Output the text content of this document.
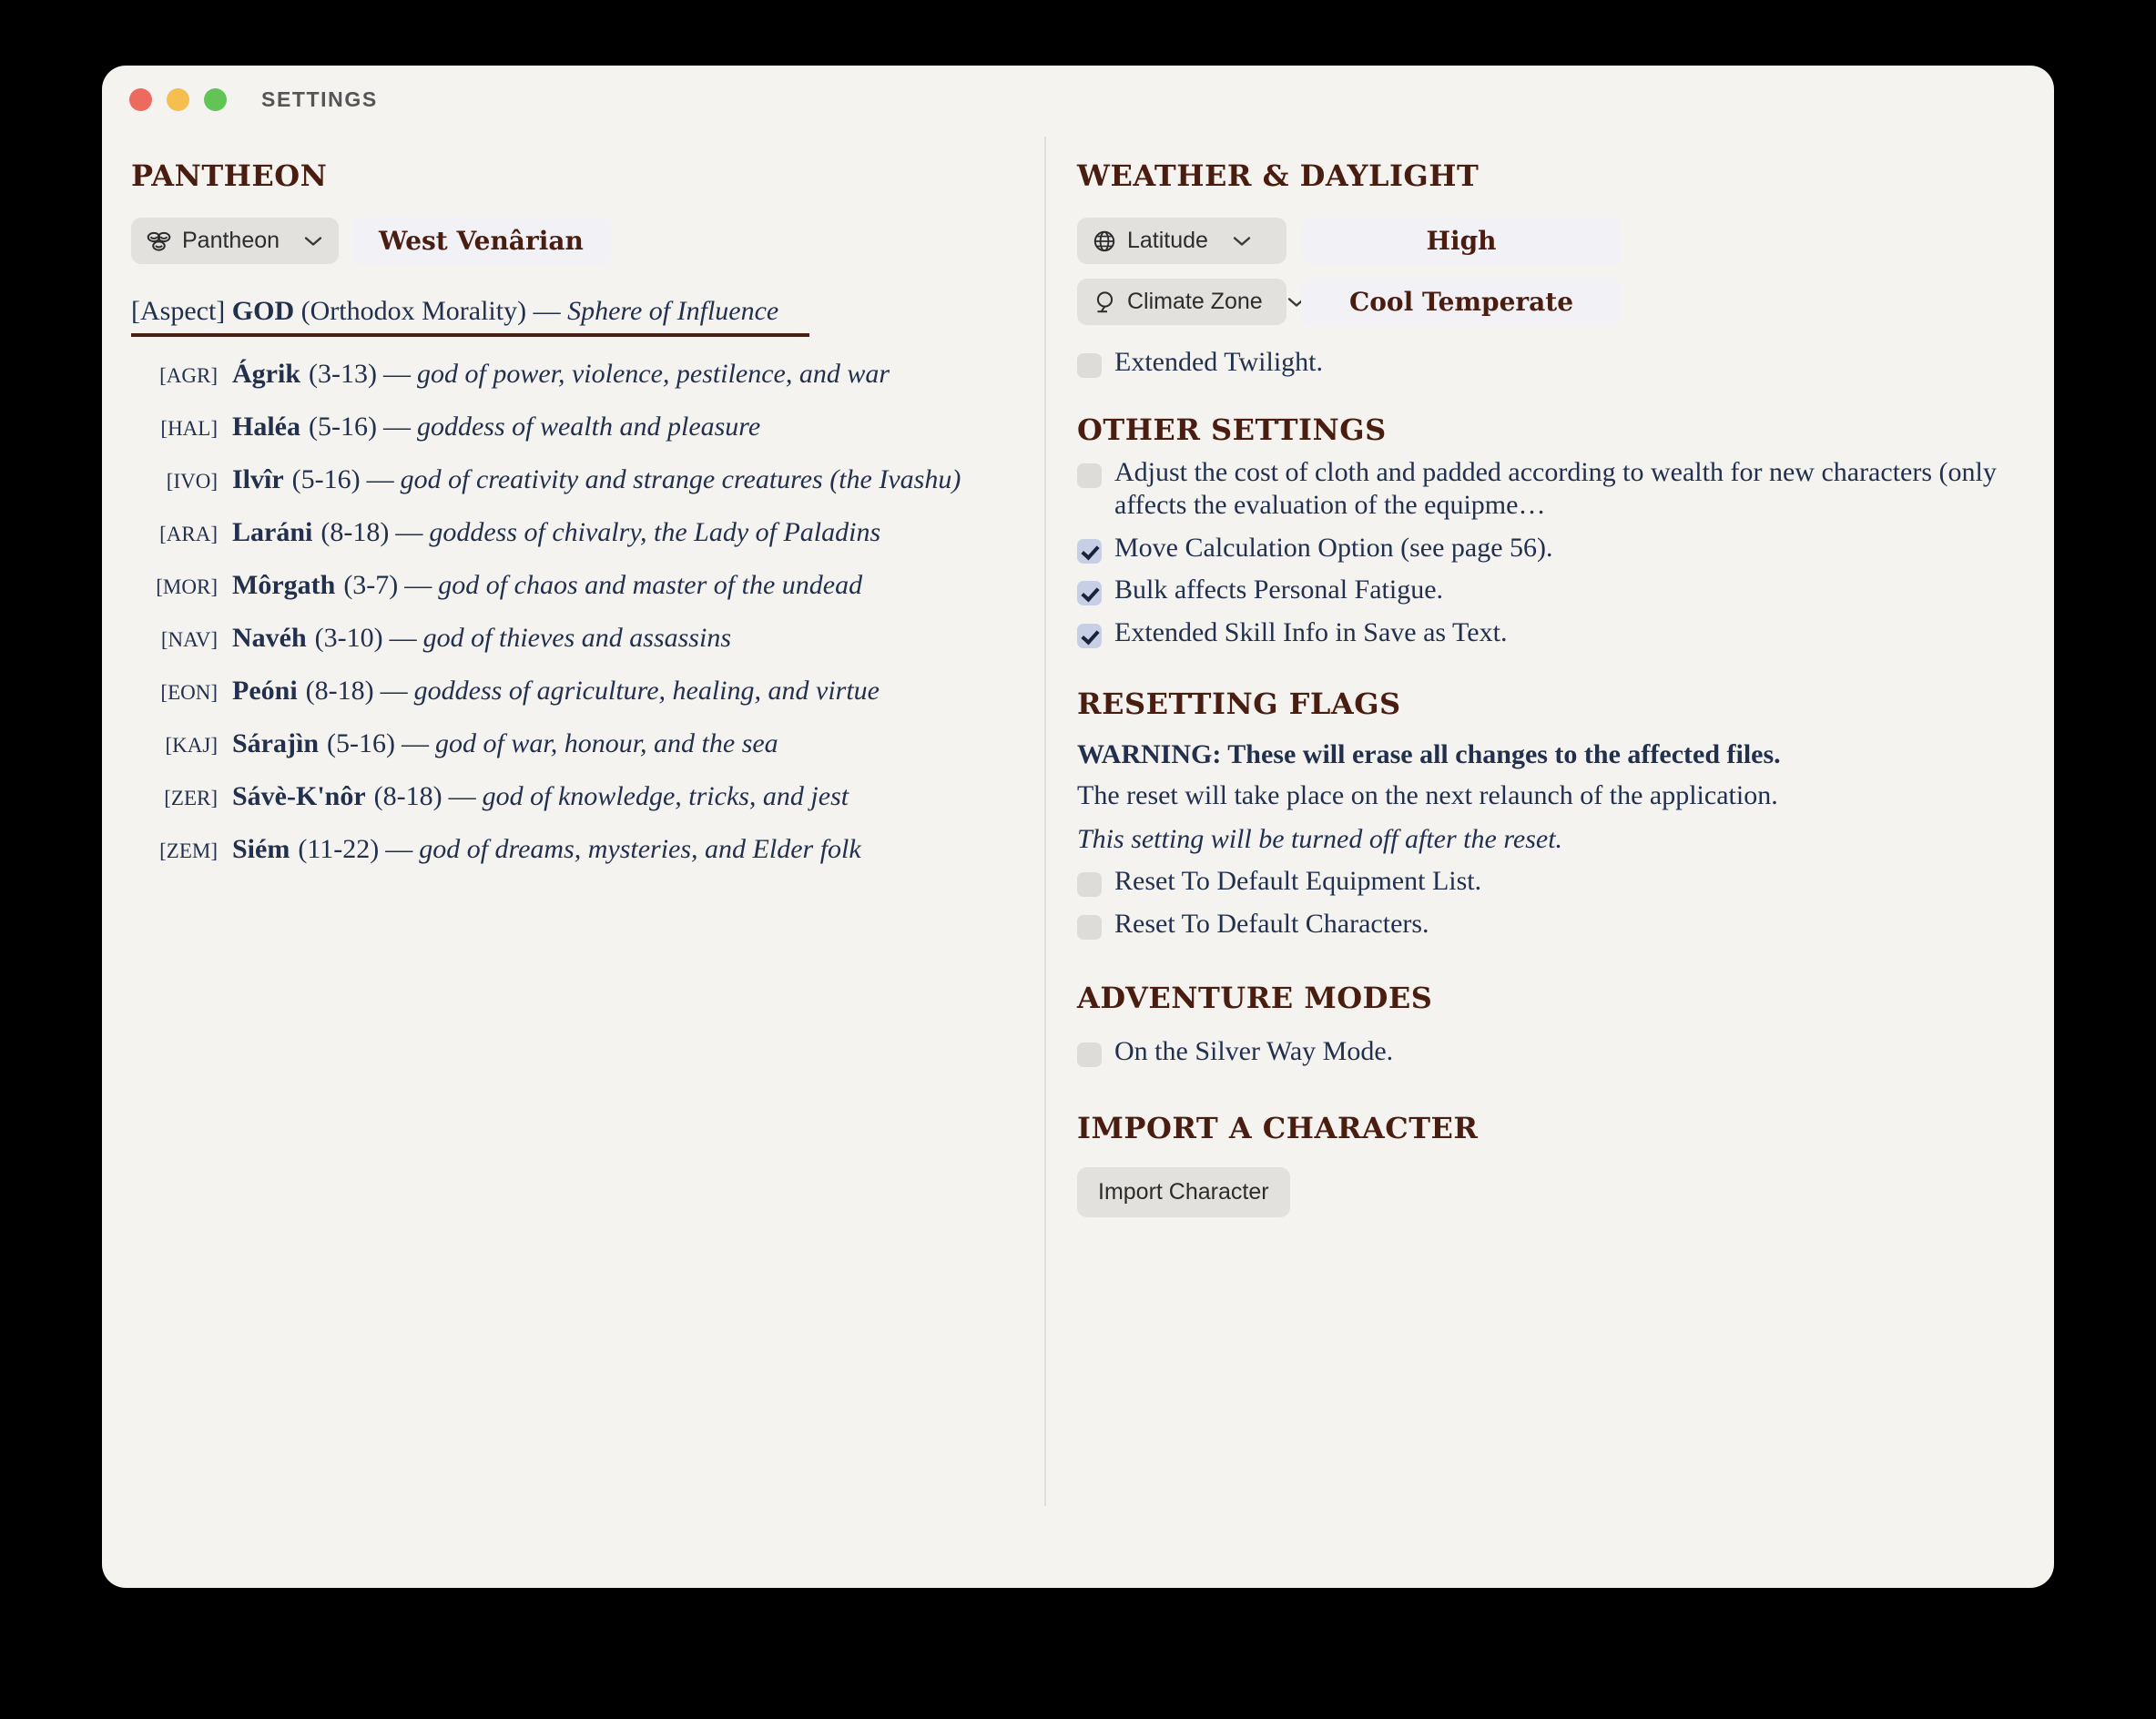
SETTINGS
PANTHEON
Pantheon	West Venârian
[Aspect] GOD (Orthodox Morality) — Sphere of Influence
[AGR] Ágrik (3-13) — god of power, violence, pestilence, and war
[HAL] Haléa (5-16) — goddess of wealth and pleasure
[IVO] Ilvîr (5-16) — god of creativity and strange creatures (the Ivashu)
[ARA] Laráni (8-18) — goddess of chivalry, the Lady of Paladins
[MOR] Môrgath (3-7) — god of chaos and master of the undead
[NAV] Navéh (3-10) — god of thieves and assassins
[EON] Peóni (8-18) — goddess of agriculture, healing, and virtue
[KAJ] Sárajìn (5-16) — god of war, honour, and the sea
[ZER] Sávè-K'nôr (8-18) — god of knowledge, tricks, and jest
[ZEM] Siém (11-22) — god of dreams, mysteries, and Elder folk
WEATHER & DAYLIGHT
Latitude	High
Climate Zone	Cool Temperate
Extended Twilight.
OTHER SETTINGS
Adjust the cost of cloth and padded according to wealth for new characters (only affects the evaluation of the equipme…
Move Calculation Option (see page 56).
Bulk affects Personal Fatigue.
Extended Skill Info in Save as Text.
RESETTING FLAGS
WARNING: These will erase all changes to the affected files.
The reset will take place on the next relaunch of the application.
This setting will be turned off after the reset.
Reset To Default Equipment List.
Reset To Default Characters.
ADVENTURE MODES
On the Silver Way Mode.
IMPORT A CHARACTER
Import Character
